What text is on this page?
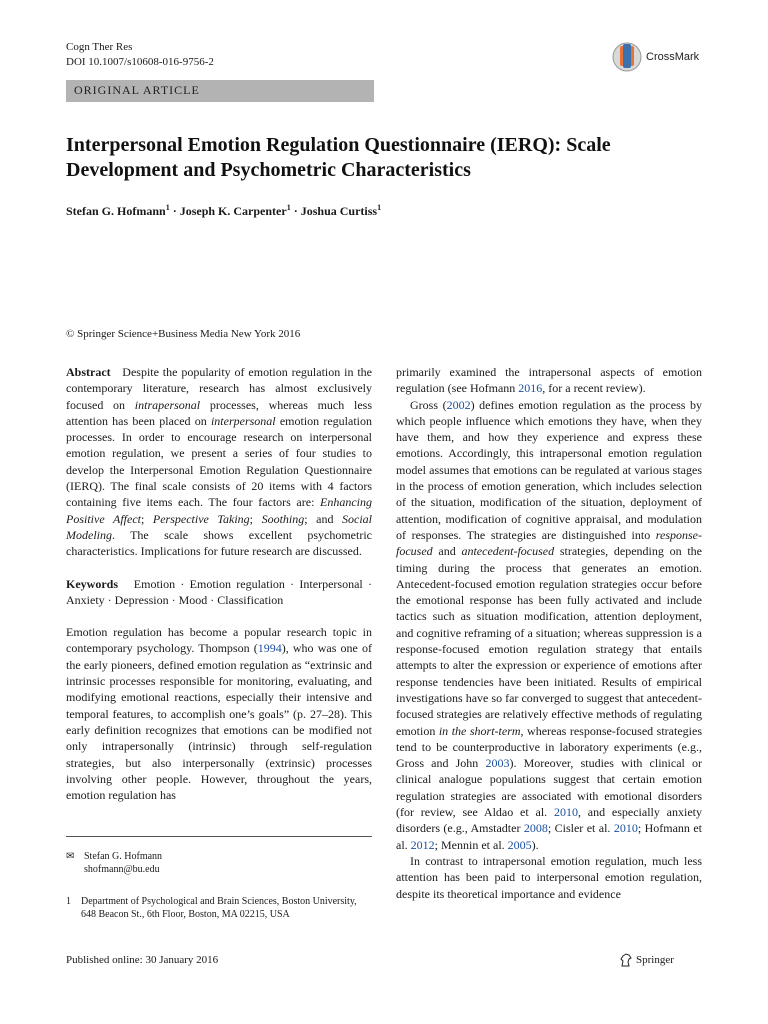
Cogn Ther Res
DOI 10.1007/s10608-016-9756-2	CrossMark
ORIGINAL ARTICLE
Interpersonal Emotion Regulation Questionnaire (IERQ): Scale Development and Psychometric Characteristics
Stefan G. Hofmann$^1$ · Joseph K. Carpenter$^1$ · Joshua Curtiss$^1$
© Springer Science+Business Media New York 2016

Abstract Despite the popularity of emotion regulation in the contemporary literature, research has almost exclusively focused on intrapersonal processes, whereas much less attention has been placed on interpersonal emotion regulation processes. In order to encourage research on interpersonal emotion regulation, we present a series of four studies to develop the Interpersonal Emotion Regulation Questionnaire (IERQ). The final scale consists of 20 items with 4 factors containing five items each. The four factors are: Enhancing Positive Affect; Perspective Taking; Soothing; and Social Modeling. The scale shows excellent psychometric characteristics. Implications for future research are discussed.

Keywords Emotion · Emotion regulation · Interpersonal · Anxiety · Depression · Mood · Classification

Emotion regulation has become a popular research topic in contemporary psychology. Thompson (1994), who was one of the early pioneers, defined emotion regulation as “extrinsic and intrinsic processes responsible for monitoring, evaluating, and modifying emotional reactions, especially their intensive and temporal features, to accomplish one’s goals” (p. 27–28). This early definition recognizes that emotions can be modified not only intrapersonally (intrinsic) through self-regulation strategies, but also interpersonally (extrinsic) processes involving other people. However, throughout the years, emotion regulation has

primarily examined the intrapersonal aspects of emotion regulation (see Hofmann 2016, for a recent review).

Gross (2002) defines emotion regulation as the process by which people influence which emotions they have, when they have them, and how they experience and express these emotions. Accordingly, this intrapersonal emotion regulation model assumes that emotions can be regulated at various stages in the process of emotion generation, which includes selection of the situation, modification of the situation, deployment of attention, modification of cognitive appraisal, and modulation of responses. The strategies are distinguished into response-focused and antecedent-focused strategies, depending on the timing during the process that generates an emotion. Antecedent-focused emotion regulation strategies occur before the emotional response has been fully activated and include tactics such as situation modification, attention deployment, and cognitive reframing of a situation; whereas suppression is a response-focused emotion regulation strategy that entails attempts to alter the expression or experience of emotions after response tendencies have been initiated. Results of empirical investigations have so far converged to suggest that antecedent-focused strategies are relatively effective methods of regulating emotion in the short-term, whereas response-focused strategies tend to be counterproductive in laboratory experiments (e.g., Gross and John 2003). Moreover, studies with clinical or clinical analogue populations suggest that certain emotion regulation strategies are associated with emotional disorders (for review, see Aldao et al. 2010, and especially anxiety disorders (e.g., Amstadter 2008; Cisler et al. 2010; Hofmann et al. 2012; Mennin et al. 2005).

In contrast to intrapersonal emotion regulation, much less attention has been paid to interpersonal emotion regulation, despite its theoretical importance and evidence

✉ Stefan G. Hofmann
shofmann@bu.edu
1 Department of Psychological and Brain Sciences, Boston University, 648 Beacon St., 6th Floor, Boston, MA 02215, USA
Published online: 30 January 2016	Springer
